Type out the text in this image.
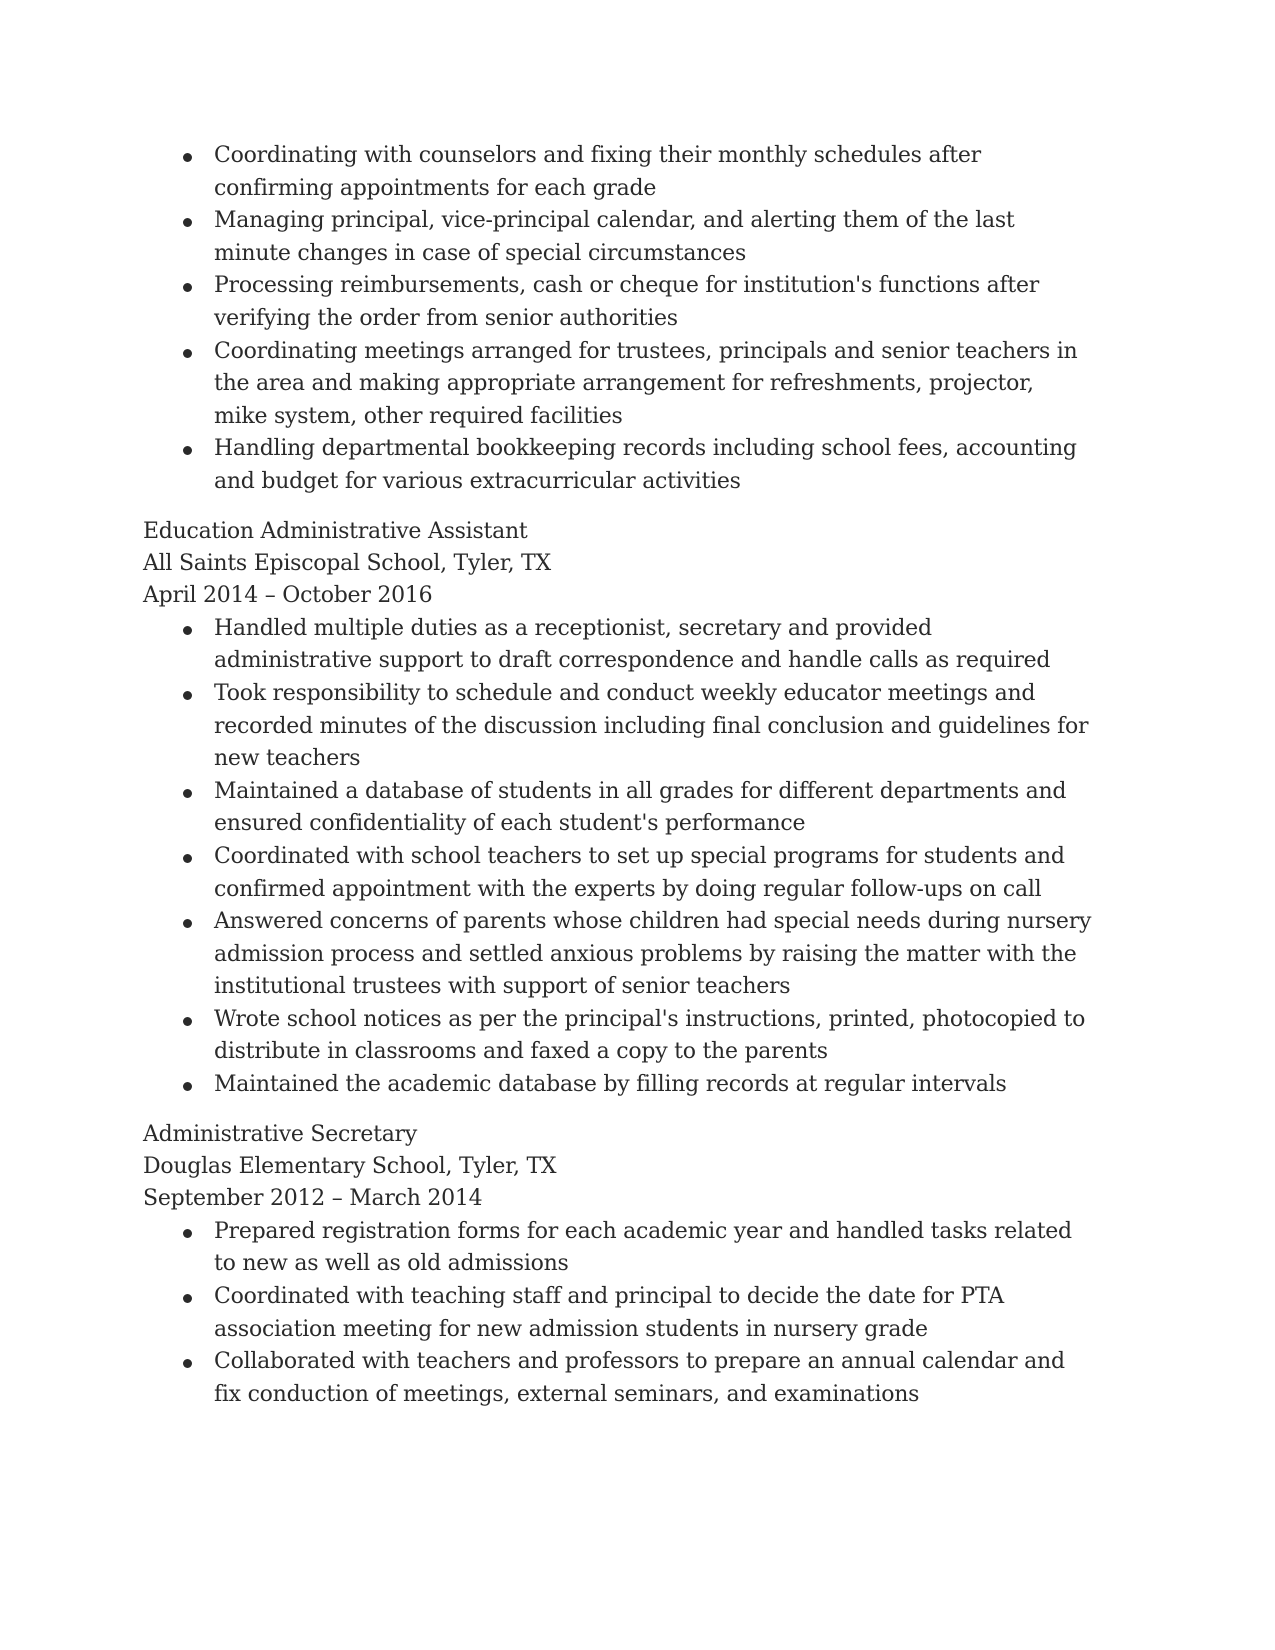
Coordinating with counselors and fixing their monthly schedules after confirming appointments for each grade
Managing principal, vice-principal calendar, and alerting them of the last minute changes in case of special circumstances
Processing reimbursements, cash or cheque for institution's functions after verifying the order from senior authorities
Coordinating meetings arranged for trustees, principals and senior teachers in the area and making appropriate arrangement for refreshments, projector, mike system, other required facilities
Handling departmental bookkeeping records including school fees, accounting and budget for various extracurricular activities
Education Administrative Assistant
All Saints Episcopal School, Tyler, TX
April 2014 – October 2016
Handled multiple duties as a receptionist, secretary and provided administrative support to draft correspondence and handle calls as required
Took responsibility to schedule and conduct weekly educator meetings and recorded minutes of the discussion including final conclusion and guidelines for new teachers
Maintained a database of students in all grades for different departments and ensured confidentiality of each student's performance
Coordinated with school teachers to set up special programs for students and confirmed appointment with the experts by doing regular follow-ups on call
Answered concerns of parents whose children had special needs during nursery admission process and settled anxious problems by raising the matter with the institutional trustees with support of senior teachers
Wrote school notices as per the principal's instructions, printed, photocopied to distribute in classrooms and faxed a copy to the parents
Maintained the academic database by filling records at regular intervals
Administrative Secretary
Douglas Elementary School, Tyler, TX
September 2012 – March 2014
Prepared registration forms for each academic year and handled tasks related to new as well as old admissions
Coordinated with teaching staff and principal to decide the date for PTA association meeting for new admission students in nursery grade
Collaborated with teachers and professors to prepare an annual calendar and fix conduction of meetings, external seminars, and examinations
